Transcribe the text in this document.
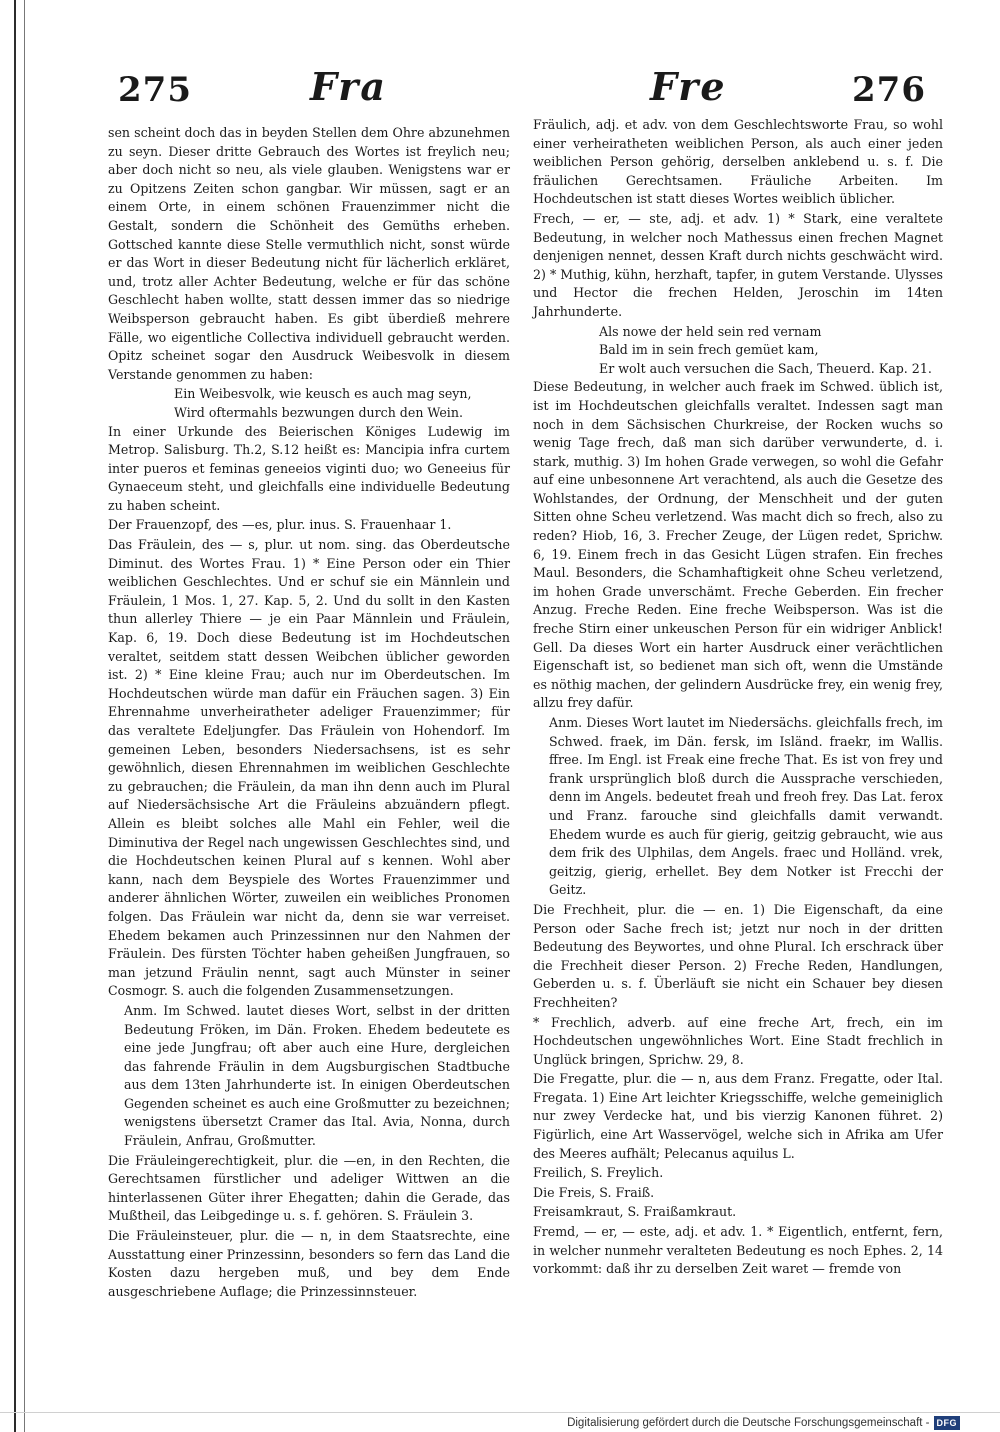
275	Fra	Fre	276

sen scheint doch das in beyden Stellen dem Ohre abzunehmen zu seyn. Dieser dritte Gebrauch des Wortes ist freylich neu; aber doch nicht so neu, als viele glauben. Wenigstens war er zu Opitzens Zeiten schon gangbar. Wir müssen, sagt er an einem Orte, in einem schönen Frauenzimmer nicht die Gestalt, sondern die Schönheit des Gemüths erheben. Gottsched kannte diese Stelle vermuthlich nicht, sonst würde er das Wort in dieser Bedeutung nicht für lächerlich erkläret, und, trotz aller Achter Bedeutung, welche er für das schöne Geschlecht haben wollte, statt dessen immer das so niedrige Weibsperson gebraucht haben. Es gibt überdieß mehrere Fälle, wo eigentliche Collectiva individuell gebraucht werden. Opitz scheinet sogar den Ausdruck Weibesvolk in diesem Verstande genommen zu haben:

Ein Weibesvolk, wie keusch es auch mag seyn,

Wird oftermahls bezwungen durch den Wein.

In einer Urkunde des Beierischen Königes Ludewig im Metrop. Salisburg. Th.2, S.12 heißt es: Mancipia infra curtem inter pueros et feminas geneeios viginti duo; wo Geneeius für Gynaeceum steht, und gleichfalls eine individuelle Bedeutung zu haben scheint.

Der Frauenzopf, des —es, plur. inus. S. Frauenhaar 1.

Das Fräulein, des — s, plur. ut nom. sing. das Oberdeutsche Diminut. des Wortes Frau. 1) * Eine Person oder ein Thier weiblichen Geschlechtes. Und er schuf sie ein Männlein und Fräulein, 1 Mos. 1, 27. Kap. 5, 2. Und du sollt in den Kasten thun allerley Thiere — je ein Paar Männlein und Fräulein, Kap. 6, 19. Doch diese Bedeutung ist im Hochdeutschen veraltet, seitdem statt dessen Weibchen üblicher geworden ist. 2) * Eine kleine Frau; auch nur im Oberdeutschen. Im Hochdeutschen würde man dafür ein Fräuchen sagen. 3) Ein Ehrennahme unverheiratheter adeliger Frauenzimmer; für das veraltete Edeljungfer. Das Fräulein von Hohendorf. Im gemeinen Leben, besonders Niedersachsens, ist es sehr gewöhnlich, diesen Ehrennahmen im weiblichen Geschlechte zu gebrauchen; die Fräulein, da man ihn denn auch im Plural auf Niedersächsische Art die Fräuleins abzuändern pflegt. Allein es bleibt solches alle Mahl ein Fehler, weil die Diminutiva der Regel nach ungewissen Geschlechtes sind, und die Hochdeutschen keinen Plural auf s kennen. Wohl aber kann, nach dem Beyspiele des Wortes Frauenzimmer und anderer ähnlichen Wörter, zuweilen ein weibliches Pronomen folgen. Das Fräulein war nicht da, denn sie war verreiset. Ehedem bekamen auch Prinzessinnen nur den Nahmen der Fräulein. Des fürsten Töchter haben geheißen Jungfrauen, so man jetzund Fräulin nennt, sagt auch Münster in seiner Cosmogr. S. auch die folgenden Zusammensetzungen.

Anm. Im Schwed. lautet dieses Wort, selbst in der dritten Bedeutung Fröken, im Dän. Froken. Ehedem bedeutete es eine jede Jungfrau; oft aber auch eine Hure, dergleichen das fahrende Fräulin in dem Augsburgischen Stadtbuche aus dem 13ten Jahrhunderte ist. In einigen Oberdeutschen Gegenden scheinet es auch eine Großmutter zu bezeichnen; wenigstens übersetzt Cramer das Ital. Avia, Nonna, durch Fräulein, Anfrau, Großmutter.

Die Fräuleingerechtigkeit, plur. die —en, in den Rechten, die Gerechtsamen fürstlicher und adeliger Wittwen an die hinterlassenen Güter ihrer Ehegatten; dahin die Gerade, das Mußtheil, das Leibgedinge u. s. f. gehören. S. Fräulein 3.

Die Fräuleinsteuer, plur. die — n, in dem Staatsrechte, eine Ausstattung einer Prinzessinn, besonders so fern das Land die Kosten dazu hergeben muß, und bey dem Ende ausgeschriebene Auflage; die Prinzessinnsteuer.

Fräulich, adj. et adv. von dem Geschlechtsworte Frau, so wohl einer verheiratheten weiblichen Person, als auch einer jeden weiblichen Person gehörig, derselben anklebend u. s. f. Die fräulichen Gerechtsamen. Fräuliche Arbeiten. Im Hochdeutschen ist statt dieses Wortes weiblich üblicher.

Frech, — er, — ste, adj. et adv. 1) * Stark, eine veraltete Bedeutung, in welcher noch Mathessus einen frechen Magnet denjenigen nennet, dessen Kraft durch nichts geschwächt wird. 2) * Muthig, kühn, herzhaft, tapfer, in gutem Verstande. Ulysses und Hector die frechen Helden, Jeroschin im 14ten Jahrhunderte.

Als nowe der held sein red vernam

Bald im in sein frech gemüet kam,

Er wolt auch versuchen die Sach, Theuerd. Kap. 21.

Diese Bedeutung, in welcher auch fraek im Schwed. üblich ist, ist im Hochdeutschen gleichfalls veraltet. Indessen sagt man noch in dem Sächsischen Churkreise, der Rocken wuchs so wenig Tage frech, daß man sich darüber verwunderte, d. i. stark, muthig. 3) Im hohen Grade verwegen, so wohl die Gefahr auf eine unbesonnene Art verachtend, als auch die Gesetze des Wohlstandes, der Ordnung, der Menschheit und der guten Sitten ohne Scheu verletzend. Was macht dich so frech, also zu reden? Hiob, 16, 3. Frecher Zeuge, der Lügen redet, Sprichw. 6, 19. Einem frech in das Gesicht Lügen strafen. Ein freches Maul. Besonders, die Schamhaftigkeit ohne Scheu verletzend, im hohen Grade unverschämt. Freche Geberden. Ein frecher Anzug. Freche Reden. Eine freche Weibsperson. Was ist die freche Stirn einer unkeuschen Person für ein widriger Anblick! Gell. Da dieses Wort ein harter Ausdruck einer verächtlichen Eigenschaft ist, so bedienet man sich oft, wenn die Umstände es nöthig machen, der gelindern Ausdrücke frey, ein wenig frey, allzu frey dafür.

Anm. Dieses Wort lautet im Niedersächs. gleichfalls frech, im Schwed. fraek, im Dän. fersk, im Isländ. fraekr, im Wallis. ffree. Im Engl. ist Freak eine freche That. Es ist von frey und frank ursprünglich bloß durch die Aussprache verschieden, denn im Angels. bedeutet freah und freoh frey. Das Lat. ferox und Franz. farouche sind gleichfalls damit verwandt. Ehedem wurde es auch für gierig, geitzig gebraucht, wie aus dem frik des Ulphilas, dem Angels. fraec und Holländ. vrek, geitzig, gierig, erhellet. Bey dem Notker ist Frecchi der Geitz.

Die Frechheit, plur. die — en. 1) Die Eigenschaft, da eine Person oder Sache frech ist; jetzt nur noch in der dritten Bedeutung des Beywortes, und ohne Plural. Ich erschrack über die Frechheit dieser Person. 2) Freche Reden, Handlungen, Geberden u. s. f. Überläuft sie nicht ein Schauer bey diesen Frechheiten?

* Frechlich, adverb. auf eine freche Art, frech, ein im Hochdeutschen ungewöhnliches Wort. Eine Stadt frechlich in Unglück bringen, Sprichw. 29, 8.

Die Fregatte, plur. die — n, aus dem Franz. Fregatte, oder Ital. Fregata. 1) Eine Art leichter Kriegsschiffe, welche gemeiniglich nur zwey Verdecke hat, und bis vierzig Kanonen führet. 2) Figürlich, eine Art Wasservögel, welche sich in Afrika am Ufer des Meeres aufhält; Pelecanus aquilus L.

Freilich, S. Freylich.

Die Freis, S. Fraiß.

Freisamkraut, S. Fraißamkraut.

Fremd, — er, — este, adj. et adv. 1. * Eigentlich, entfernt, fern, in welcher nunmehr veralteten Bedeutung es noch Ephes. 2, 14 vorkommt: daß ihr zu derselben Zeit waret — fremde von

Digitalisierung gefördert durch die Deutsche Forschungsgemeinschaft - DFG
